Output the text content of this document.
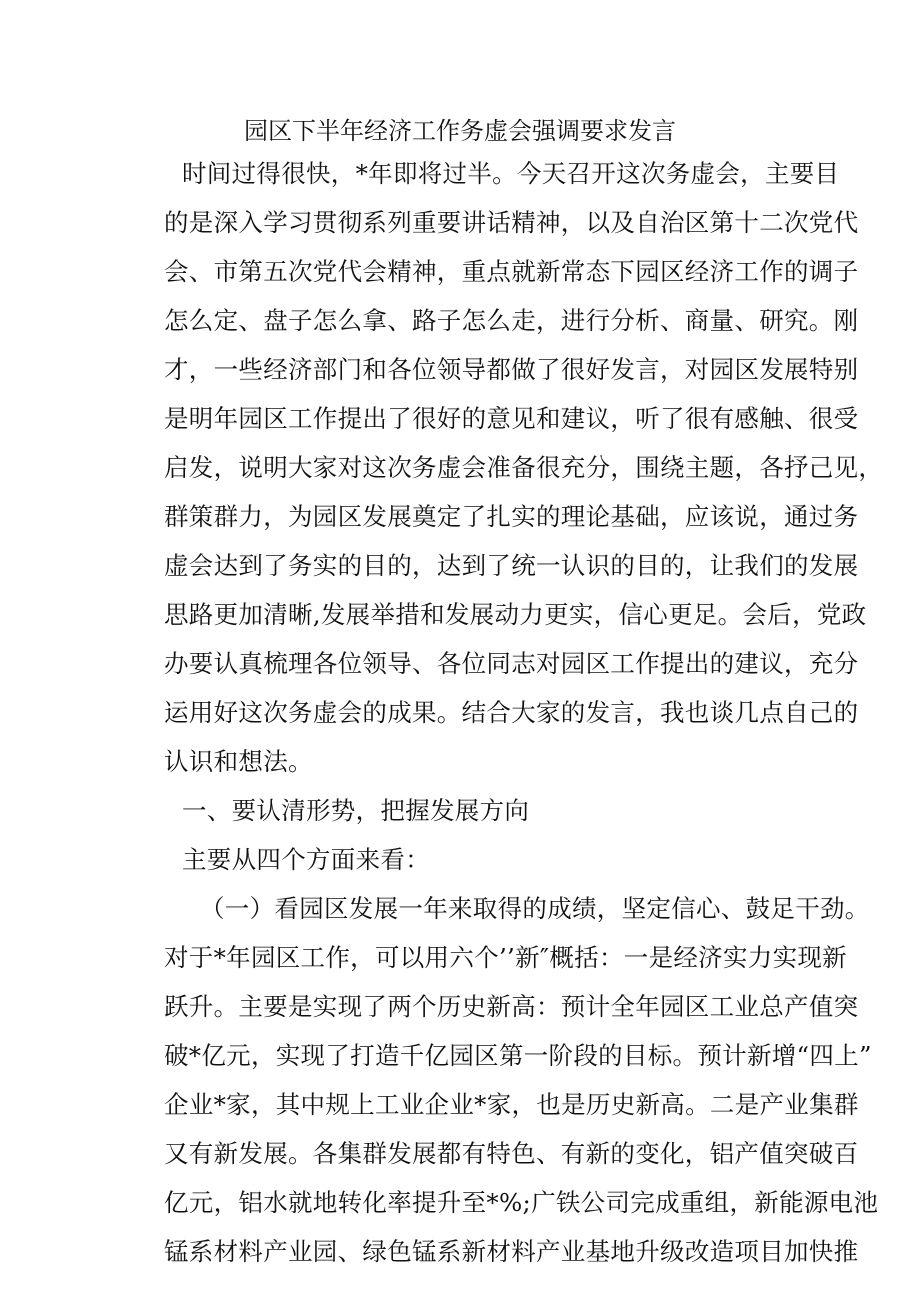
园区下半年经济工作务虚会强调要求发言
时间过得很快，*年即将过半。今天召开这次务虚会，主要目
的是深入学习贯彻系列重要讲话精神，以及自治区第十二次党代
会、市第五次党代会精神，重点就新常态下园区经济工作的调子
怎么定、盘子怎么拿、路子怎么走，进行分析、商量、研究。刚
才，一些经济部门和各位领导都做了很好发言，对园区发展特别
是明年园区工作提出了很好的意见和建议，听了很有感触、很受
启发，说明大家对这次务虚会准备很充分，围绕主题，各抒己见，
群策群力，为园区发展奠定了扎实的理论基础，应该说，通过务
虚会达到了务实的目的，达到了统一认识的目的，让我们的发展
思路更加清晰,发展举措和发展动力更实，信心更足。会后，党政
办要认真梳理各位领导、各位同志对园区工作提出的建议，充分
运用好这次务虚会的成果。结合大家的发言，我也谈几点自己的
认识和想法。
一、要认清形势，把握发展方向
主要从四个方面来看：
（一）看园区发展一年来取得的成绩，坚定信心、鼓足干劲。
对于*年园区工作，可以用六个’’新″概括：一是经济实力实现新
跃升。主要是实现了两个历史新高：预计全年园区工业总产值突
破*亿元，实现了打造千亿园区第一阶段的目标。预计新增“四上”
企业*家，其中规上工业企业*家，也是历史新高。二是产业集群
又有新发展。各集群发展都有特色、有新的变化，铝产值突破百
亿元，铝水就地转化率提升至*%;广铁公司完成重组，新能源电池
锰系材料产业园、绿色锰系新材料产业基地升级改造项目加快推
